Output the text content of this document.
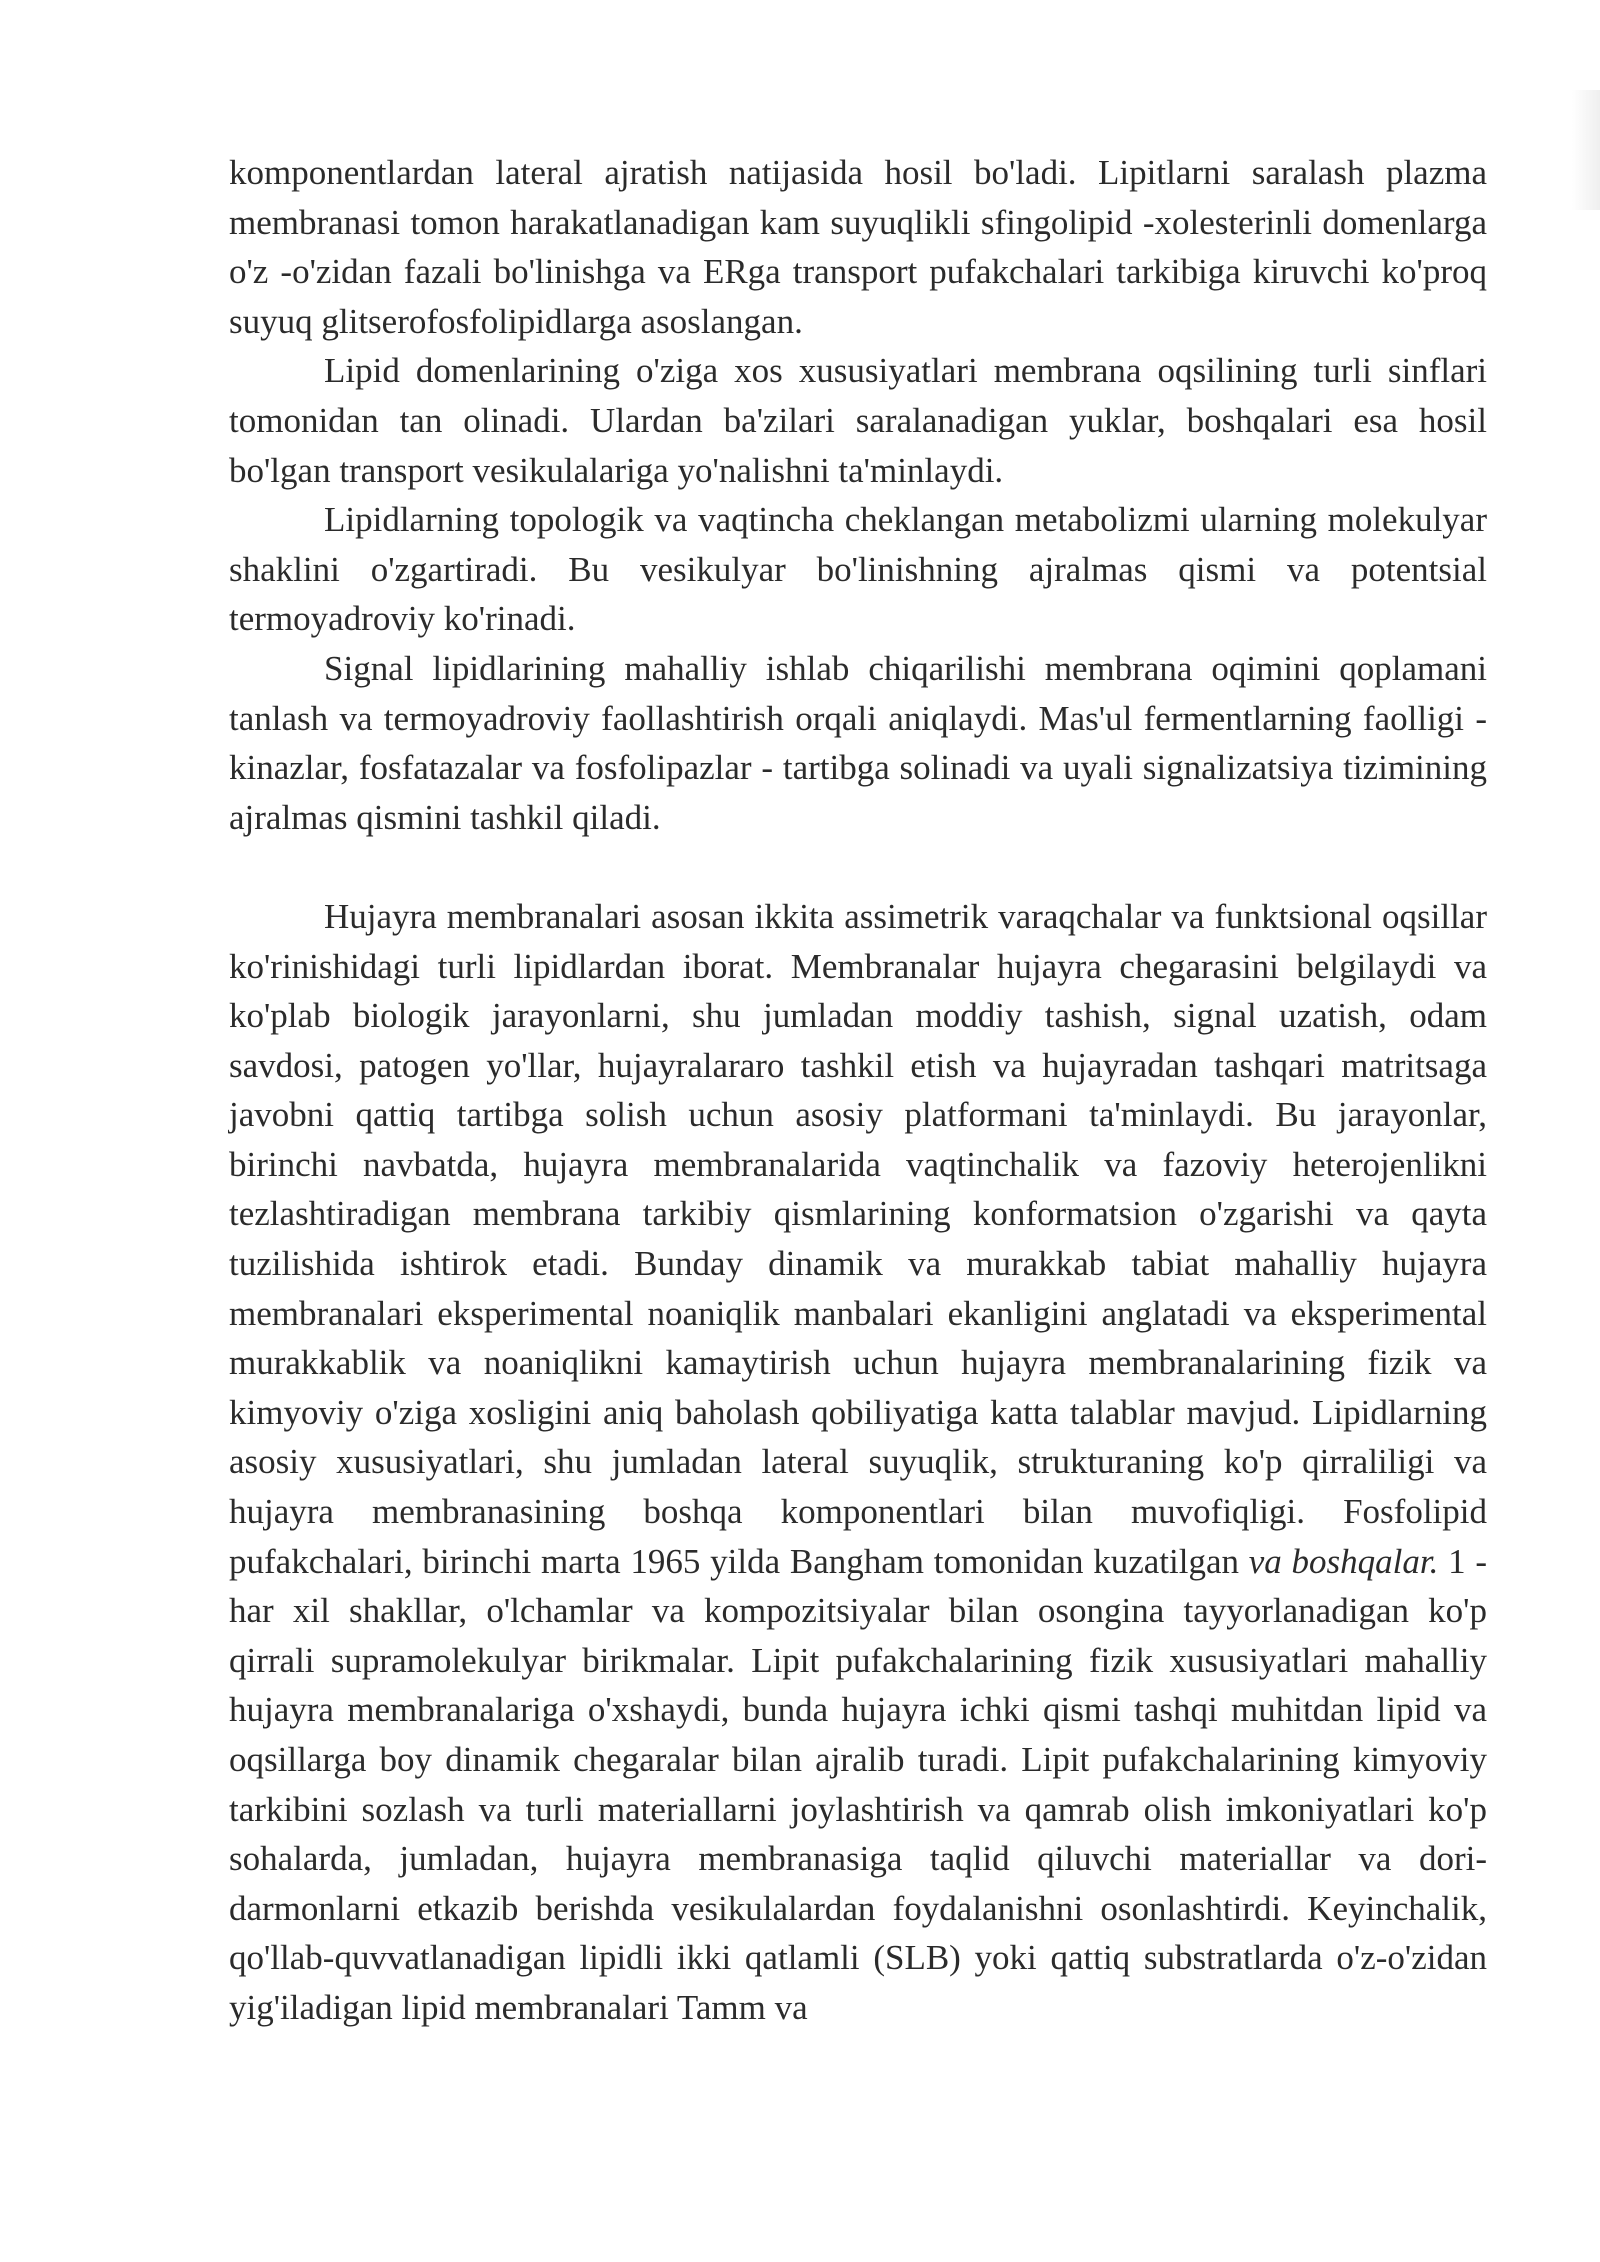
komponentlardan lateral ajratish natijasida hosil bo'ladi. Lipitlarni saralash plazma membranasi tomon harakatlanadigan kam suyuqlikli sfingolipid -xolesterinli domenlarga o'z -o'zidan fazali bo'linishga va ERga transport pufakchalari tarkibiga kiruvchi ko'proq suyuq glitserofosfolipidlarga asoslangan.

Lipid domenlarining o'ziga xos xususiyatlari membrana oqsilining turli sinflari tomonidan tan olinadi. Ulardan ba'zilari saralanadigan yuklar, boshqalari esa hosil bo'lgan transport vesikulalariga yo'nalishni ta'minlaydi.

Lipidlarning topologik va vaqtincha cheklangan metabolizmi ularning molekulyar shaklini o'zgartiradi. Bu vesikulyar bo'linishning ajralmas qismi va potentsial termoyadroviy ko'rinadi.

Signal lipidlarining mahalliy ishlab chiqarilishi membrana oqimini qoplamani tanlash va termoyadroviy faollashtirish orqali aniqlaydi. Mas'ul fermentlarning faolligi - kinazlar, fosfatazalar va fosfolipazlar - tartibga solinadi va uyali signalizatsiya tizimining ajralmas qismini tashkil qiladi.

Hujayra membranalari asosan ikkita assimetrik varaqchalar va funktsional oqsillar ko'rinishidagi turli lipidlardan iborat. Membranalar hujayra chegarasini belgilaydi va ko'plab biologik jarayonlarni, shu jumladan moddiy tashish, signal uzatish, odam savdosi, patogen yo'llar, hujayralararo tashkil etish va hujayradan tashqari matritsaga javobni qattiq tartibga solish uchun asosiy platformani ta'minlaydi. Bu jarayonlar, birinchi navbatda, hujayra membranalarida vaqtinchalik va fazoviy heterojenlikni tezlashtiradigan membrana tarkibiy qismlarining konformatsion o'zgarishi va qayta tuzilishida ishtirok etadi. Bunday dinamik va murakkab tabiat mahalliy hujayra membranalari eksperimental noaniqlik manbalari ekanligini anglatadi va eksperimental murakkablik va noaniqlikni kamaytirish uchun hujayra membranalarining fizik va kimyoviy o'ziga xosligini aniq baholash qobiliyatiga katta talablar mavjud. Lipidlarning asosiy xususiyatlari, shu jumladan lateral suyuqlik, strukturaning ko'p qirraliligi va hujayra membranasining boshqa komponentlari bilan muvofiqligi. Fosfolipid pufakchalari, birinchi marta 1965 yilda Bangham tomonidan kuzatilgan va boshqalar. 1 - har xil shakllar, o'lchamlar va kompozitsiyalar bilan osongina tayyorlanadigan ko'p qirrali supramolekulyar birikmalar. Lipit pufakchalarining fizik xususiyatlari mahalliy hujayra membranalariga o'xshaydi, bunda hujayra ichki qismi tashqi muhitdan lipid va oqsillarga boy dinamik chegaralar bilan ajralib turadi. Lipit pufakchalarining kimyoviy tarkibini sozlash va turli materiallarni joylashtirish va qamrab olish imkoniyatlari ko'p sohalarda, jumladan, hujayra membranasiga taqlid qiluvchi materiallar va dori-darmonlarni etkazib berishda vesikulalardan foydalanishni osonlashtirdi. Keyinchalik, qo'llab-quvvatlanadigan lipidli ikki qatlamli (SLB) yoki qattiq substratlarda o'z-o'zidan yig'iladigan lipid membranalari Tamm va
